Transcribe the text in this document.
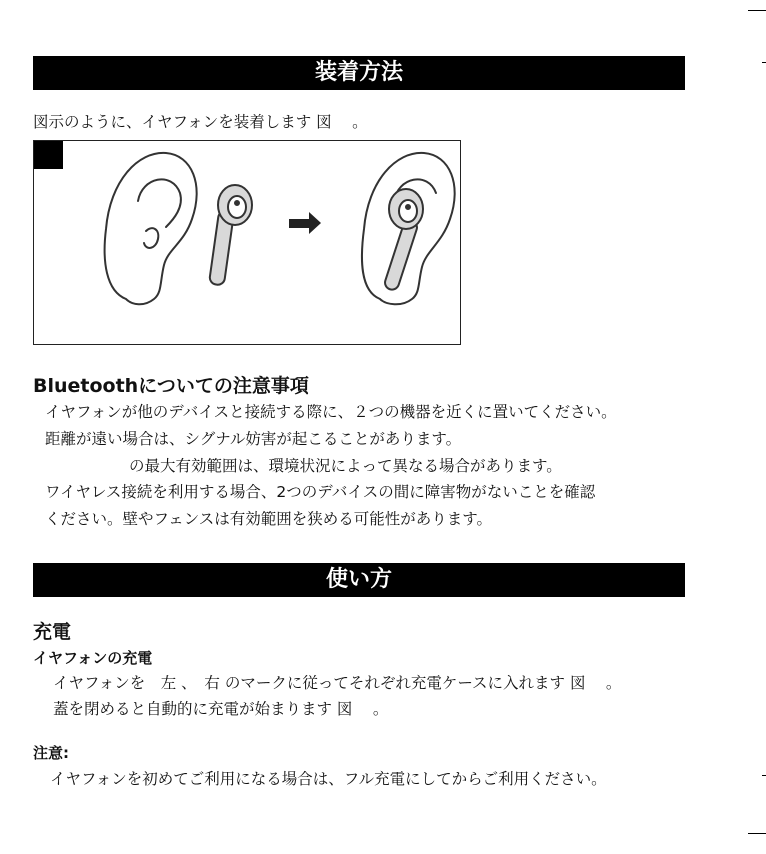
装着方法
図示のように、イヤフォンを装着します 図　 。
Bluetoothについての注意事項
イヤフォンが他のデバイスと接続する際に、２つの機器を近くに置いてください。
距離が遠い場合は、シグナル妨害が起こることがあります。
の最大有効範囲は、環境状況によって異なる場合があります。
ワイヤレス接続を利用する場合、2つのデバイスの間に障害物がないことを確認
ください。壁やフェンスは有効範囲を狭める可能性があります。
使い方
充電
イヤフォンの充電
イヤフォンを　左 、　右 のマークに従ってそれぞれ充電ケースに入れます 図　 。
蓋を閉めると自動的に充電が始まります 図　 。
注意:
イヤフォンを初めてご利用になる場合は、フル充電にしてからご利用ください。
